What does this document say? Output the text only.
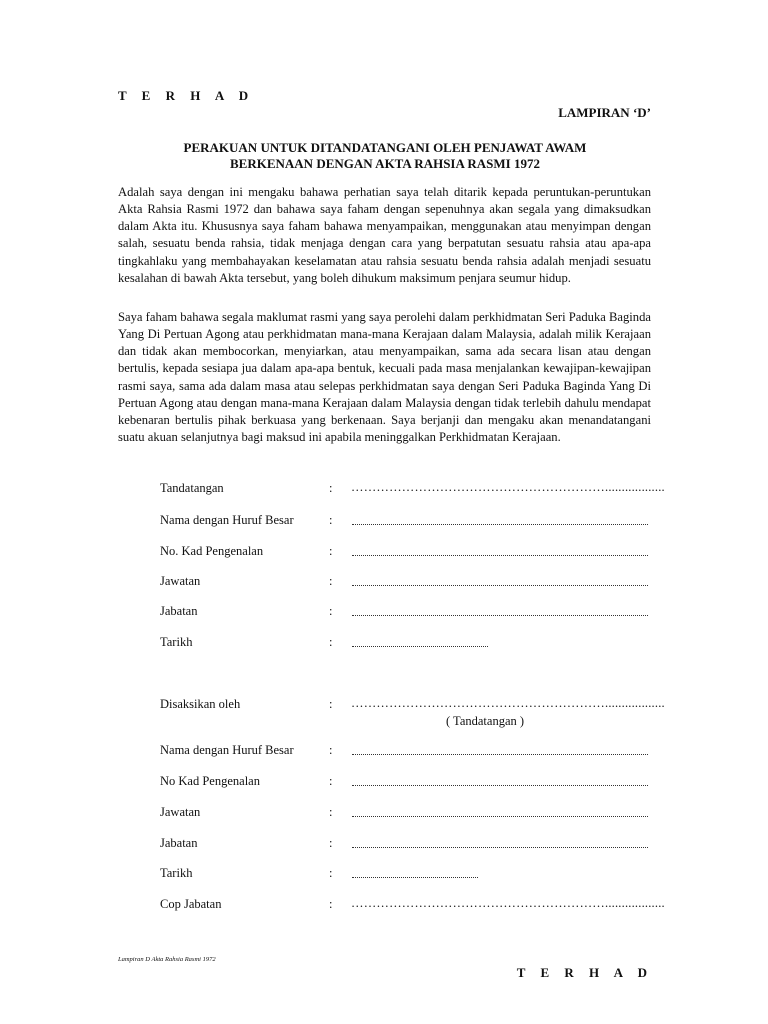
T E R H A D
LAMPIRAN ‘D’
PERAKUAN UNTUK DITANDATANGANI OLEH PENJAWAT AWAM
BERKENAAN DENGAN AKTA RAHSIA RASMI 1972
Adalah saya dengan ini mengaku bahawa perhatian saya telah ditarik kepada peruntukan-peruntukan Akta Rahsia Rasmi 1972 dan bahawa saya faham dengan sepenuhnya akan segala yang dimaksudkan dalam Akta itu. Khususnya saya faham bahawa menyampaikan, menggunakan atau menyimpan dengan salah, sesuatu benda rahsia, tidak menjaga dengan cara yang berpatutan sesuatu rahsia atau apa-apa tingkahlaku yang membahayakan keselamatan atau rahsia sesuatu benda rahsia adalah menjadi sesuatu kesalahan di bawah Akta tersebut, yang boleh dihukum maksimum penjara seumur hidup.
Saya faham bahawa segala maklumat rasmi yang saya perolehi dalam perkhidmatan Seri Paduka Baginda Yang Di Pertuan Agong atau perkhidmatan mana-mana Kerajaan dalam Malaysia, adalah milik Kerajaan dan tidak akan membocorkan, menyiarkan, atau menyampaikan, sama ada secara lisan atau dengan bertulis, kepada sesiapa jua dalam apa-apa bentuk, kecuali pada masa menjalankan kewajipan-kewajipan rasmi saya, sama ada dalam masa atau selepas perkhidmatan saya dengan Seri Paduka Baginda Yang Di Pertuan Agong atau dengan mana-mana Kerajaan dalam Malaysia dengan tidak terlebih dahulu mendapat kebenaran bertulis pihak berkuasa yang berkenaan. Saya berjanji dan mengaku akan menandatangani suatu akuan selanjutnya bagi maksud ini apabila meninggalkan Perkhidmatan Kerajaan.
Tandatangan	: ……………………………………………………..................
Nama dengan Huruf Besar	:
No. Kad Pengenalan	:
Jawatan	:
Jabatan	:
Tarikh	:
Disaksikan oleh	: ……………………………………………………..................
( Tandatangan )
Nama dengan Huruf Besar	:
No Kad Pengenalan	:
Jawatan	:
Jabatan	:
Tarikh	:
Cop Jabatan	: ……………………………………………………..................
Lampiran D Akta Rahsia Rasmi 1972
T E R H A D
